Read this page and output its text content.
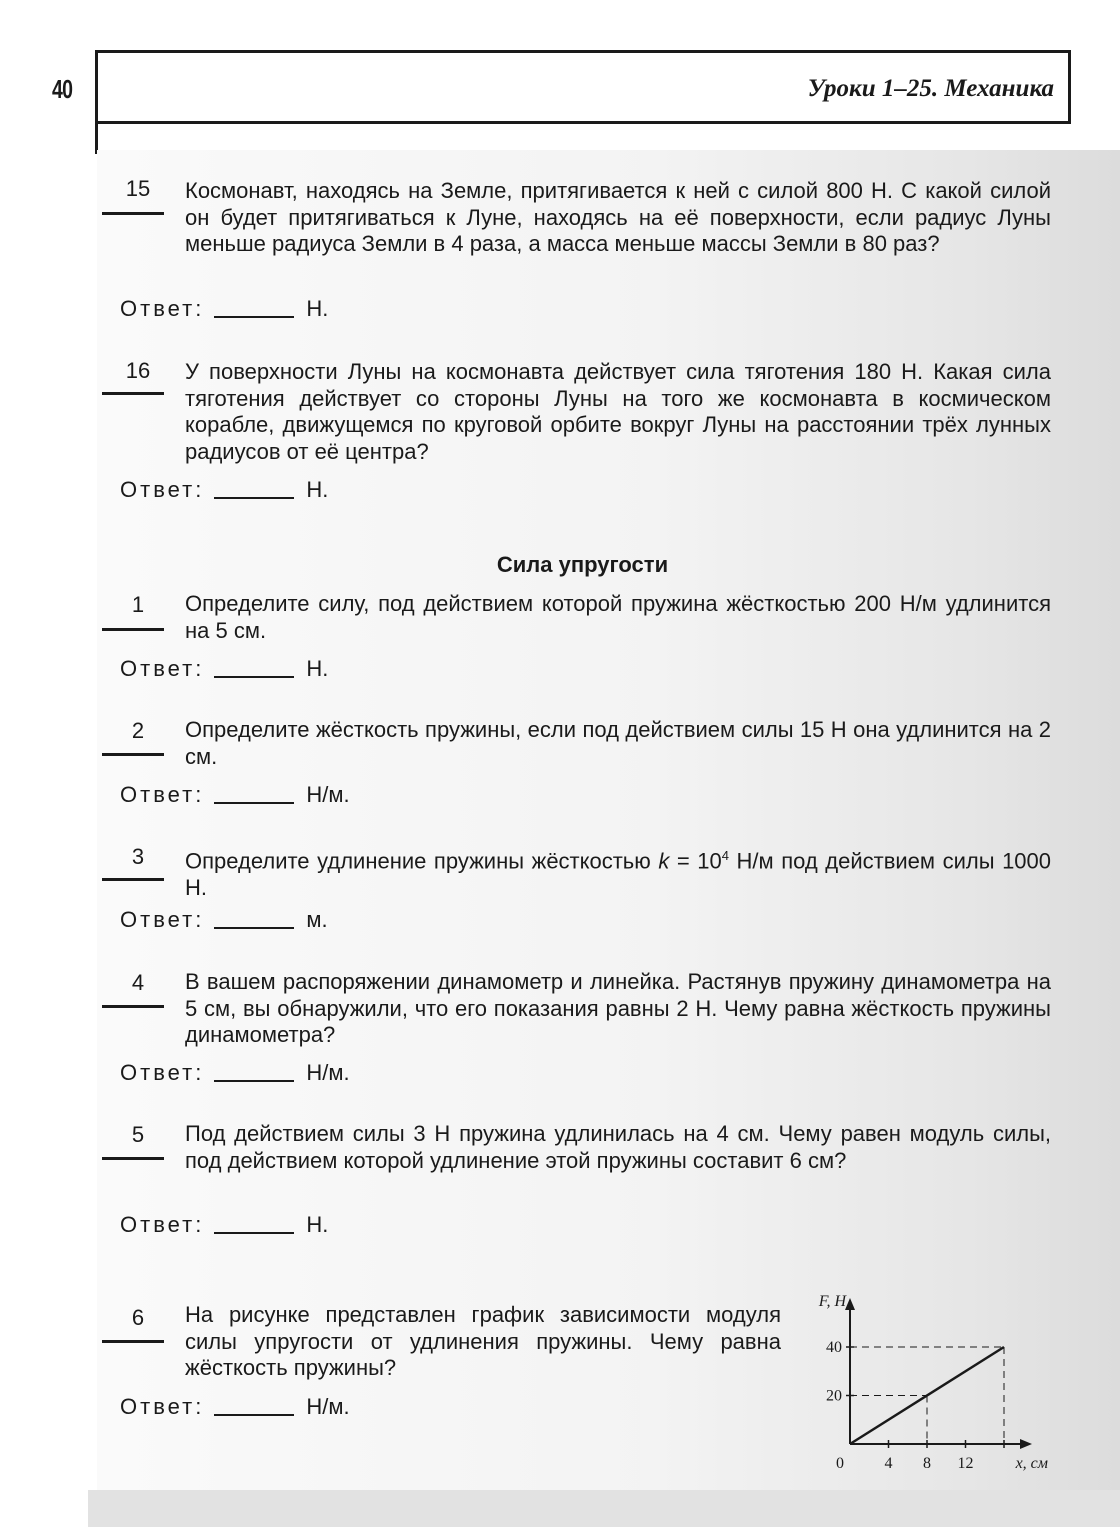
40	Уроки 1–25. Механика
15	Космонавт, находясь на Земле, притягивается к ней с силой 800 Н. С какой силой он будет притягиваться к Луне, находясь на её поверхности, если радиус Луны меньше радиуса Земли в 4 раза, а масса меньше массы Земли в 80 раз?
Ответ:	Н.
16	У поверхности Луны на космонавта действует сила тяготения 180 Н. Какая сила тяготения действует со стороны Луны на того же космонавта в космическом корабле, движущемся по круговой орбите вокруг Луны на расстоянии трёх лунных радиусов от её центра?
Ответ:	Н.
Сила упругости
1	Определите силу, под действием которой пружина жёсткостью 200 Н/м удлинится на 5 см.
Ответ:	Н.
2	Определите жёсткость пружины, если под действием силы 15 Н она удлинится на 2 см.
Ответ:	Н/м.
3	Определите удлинение пружины жёсткостью $k = 10^4$ Н/м под действием силы 1000 Н.
Ответ:	м.
4	В вашем распоряжении динамометр и линейка. Растянув пружину динамометра на 5 см, вы обнаружили, что его показания равны 2 Н. Чему равна жёсткость пружины динамометра?
Ответ:	Н/м.
5	Под действием силы 3 Н пружина удлинилась на 4 см. Чему равен модуль силы, под действием которой удлинение этой пружины составит 6 см?
Ответ:	Н.
6	На рисунке представлен график зависимости модуля силы упругости от удлинения пружины. Чему равна жёсткость пружины?
Ответ:	Н/м.
0	4 8 12
20
40
F, Н
x, см
